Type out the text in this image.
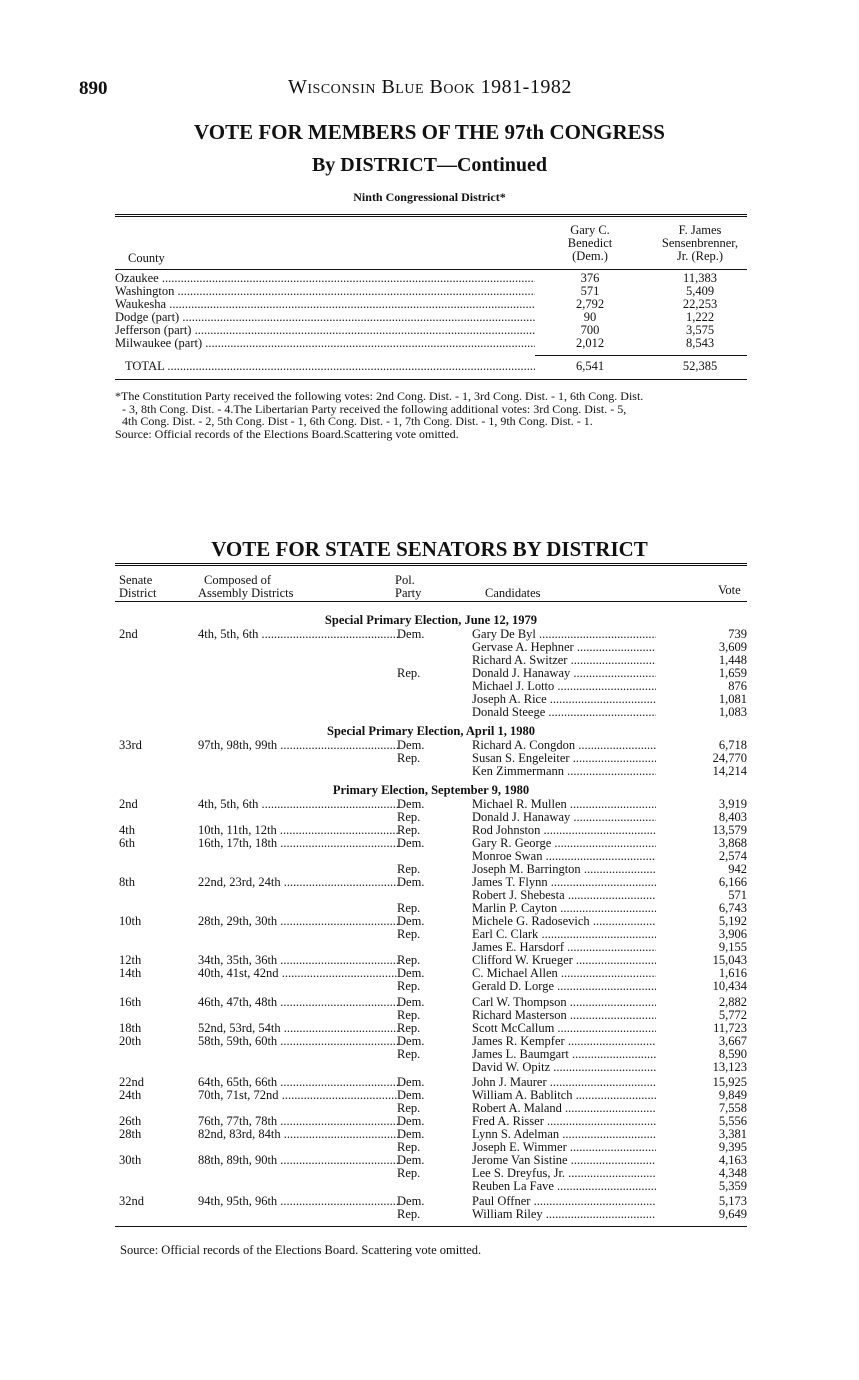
890	Wisconsin Blue Book 1981-1982
VOTE FOR MEMBERS OF THE 97th CONGRESS
By DISTRICT—Continued
Ninth Congressional District*
County
Gary C.
Benedict
(Dem.)
F. James
Sensenbrenner,
Jr. (Rep.)
Ozaukee .....	376	11,383
Washington .....	571	5,409
Waukesha .....	2,792	22,253
Dodge (part) .....	90	1,222
Jefferson (part) .....	700	3,575
Milwaukee (part) .....	2,012	8,543
TOTAL .....	6,541	52,385
*The Constitution Party received the following votes: 2nd Cong. Dist. - 1, 3rd Cong. Dist. - 1, 6th Cong. Dist.
- 3, 8th Cong. Dist. - 4.The Libertarian Party received the following additional votes: 3rd Cong. Dist. - 5,
4th Cong. Dist. - 2, 5th Cong. Dist - 1, 6th Cong. Dist. - 1, 7th Cong. Dist. - 1, 9th Cong. Dist. - 1.
Source: Official records of the Elections Board.Scattering vote omitted.
VOTE FOR STATE SENATORS BY DISTRICT
Senate
District
Composed of
Assembly Districts
Pol.
Party	Candidates	Vote
Special Primary Election, June 12, 1979
2nd	4th, 5th, 6th .....	Dem.	Gary De Byl .....	739
Gervase A. Hephner .....	3,609
Richard A. Switzer .....	1,448
Rep.	Donald J. Hanaway .....	1,659
Michael J. Lotto .....	876
Joseph A. Rice .....	1,081
Donald Steege .....	1,083
Special Primary Election, April 1, 1980
33rd	97th, 98th, 99th .....	Dem.	Richard A. Congdon .....	6,718
Rep.	Susan S. Engeleiter .....	24,770
Ken Zimmermann .....	14,214
Primary Election, September 9, 1980
2nd	4th, 5th, 6th .....	Dem.	Michael R. Mullen .....	3,919
Rep.	Donald J. Hanaway .....	8,403
4th	10th, 11th, 12th .....	Rep.	Rod Johnston .....	13,579
6th	16th, 17th, 18th .....	Dem.	Gary R. George .....	3,868
Monroe Swan .....	2,574
Rep.	Joseph M. Barrington .....	942
8th	22nd, 23rd, 24th .....	Dem.	James T. Flynn .....	6,166
Robert J. Shebesta .....	571
Rep.	Marlin P. Cayton .....	6,743
10th	28th, 29th, 30th .....	Dem.	Michele G. Radosevich .....	5,192
Rep.	Earl C. Clark .....	3,906
James E. Harsdorf .....	9,155
12th	34th, 35th, 36th .....	Rep.	Clifford W. Krueger .....	15,043
14th	40th, 41st, 42nd .....	Dem.	C. Michael Allen .....	1,616
Rep.	Gerald D. Lorge .....	10,434
16th	46th, 47th, 48th .....	Dem.	Carl W. Thompson .....	2,882
Rep.	Richard Masterson .....	5,772
18th	52nd, 53rd, 54th .....	Rep.	Scott McCallum .....	11,723
20th	58th, 59th, 60th .....	Dem.	James R. Kempfer .....	3,667
Rep.	James L. Baumgart .....	8,590
David W. Opitz .....	13,123
22nd	64th, 65th, 66th .....	Dem.	John J. Maurer .....	15,925
24th	70th, 71st, 72nd .....	Dem.	William A. Bablitch .....	9,849
Rep.	Robert A. Maland .....	7,558
26th	76th, 77th, 78th .....	Dem.	Fred A. Risser .....	5,556
28th	82nd, 83rd, 84th .....	Dem.	Lynn S. Adelman .....	3,381
Rep.	Joseph E. Wimmer .....	9,395
30th	88th, 89th, 90th .....	Dem.	Jerome Van Sistine .....	4,163
Rep.	Lee S. Dreyfus, Jr. .....	4,348
Reuben La Fave .....	5,359
32nd	94th, 95th, 96th .....	Dem.	Paul Offner .....	5,173
Rep.	William Riley .....	9,649
Source: Official records of the Elections Board. Scattering vote omitted.
